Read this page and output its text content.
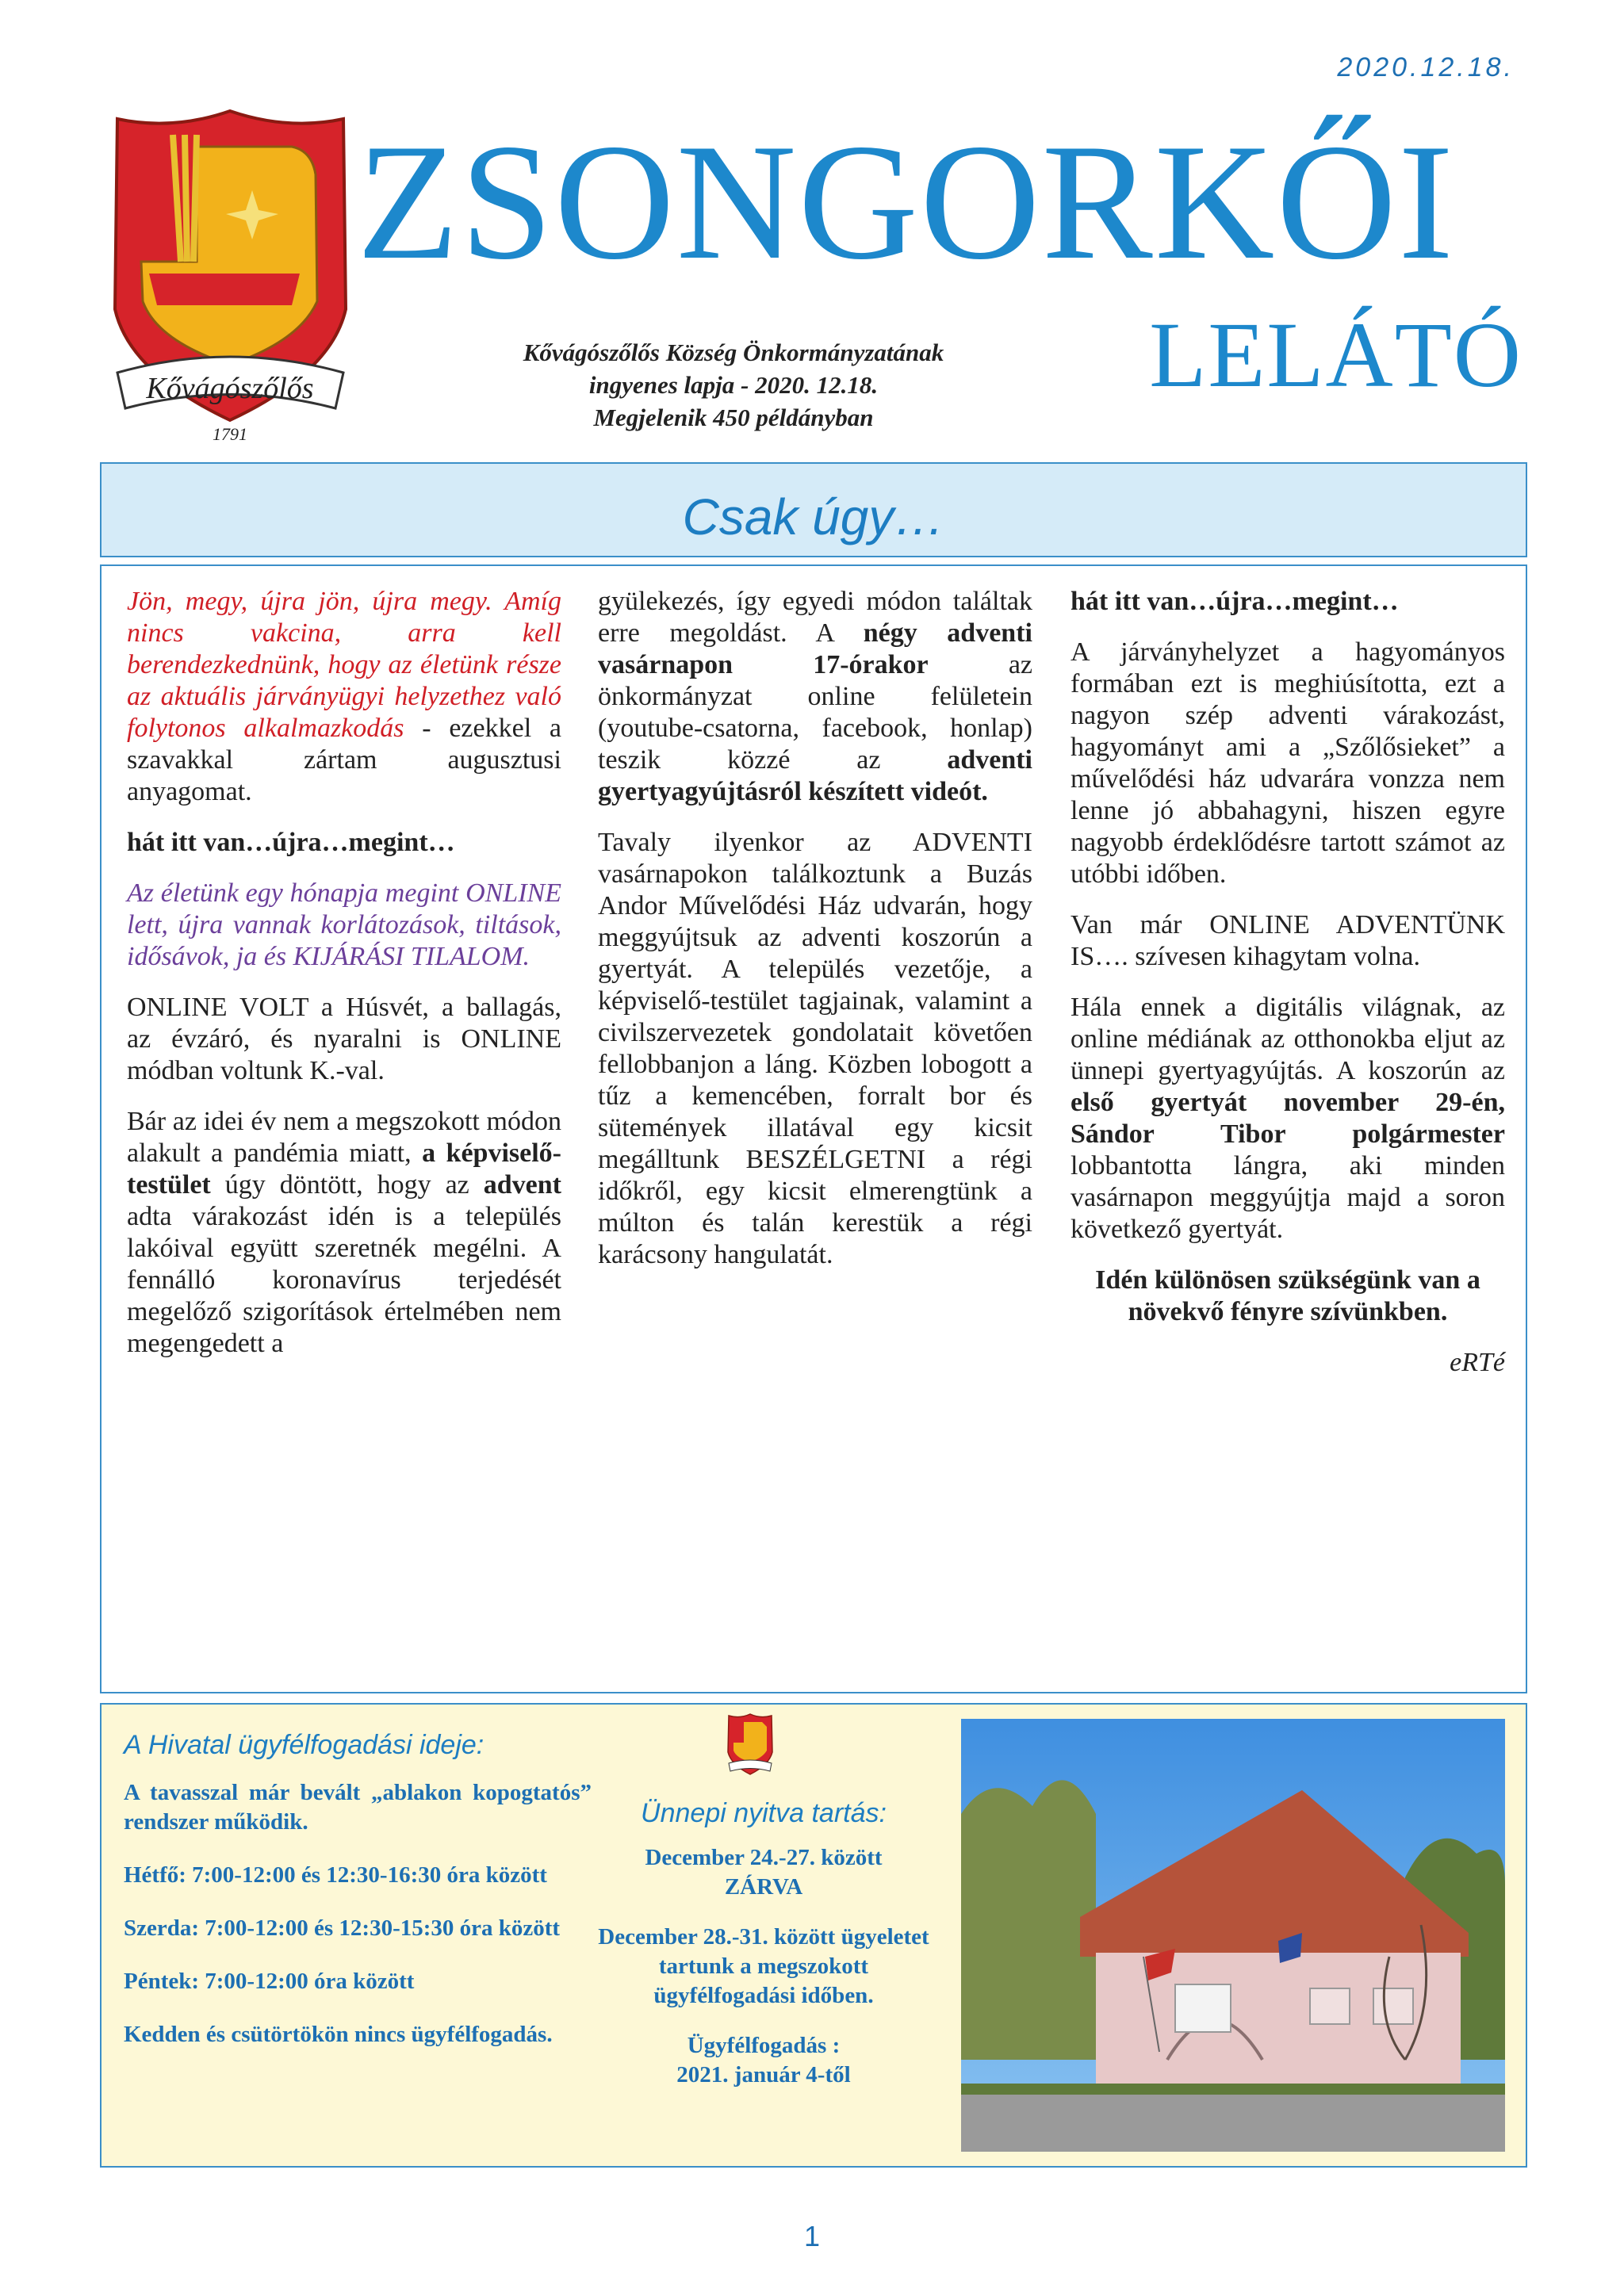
2020.12.18.
Kővágószőlős
1791
ZSONGORKŐI
LELÁTÓ
Kővágószőlős Község Önkormányzatának
ingyenes lapja - 2020. 12.18.
Megjelenik 450 példányban
Csak úgy…

Jön, megy, újra jön, újra megy. Amíg nincs vakcina, arra kell berendezkednünk, hogy az életünk része az aktuális járványügyi helyzethez való folytonos alkalmazkodás - ezekkel a szavakkal zártam augusztusi anyagomat.

hát itt van…újra…megint…

Az életünk egy hónapja megint ONLINE lett, újra vannak korlátozások, tiltások, idősávok, ja és KIJÁRÁSI TILALOM.

ONLINE VOLT a Húsvét, a ballagás, az évzáró, és nyaralni is ONLINE módban voltunk K.-val.

Bár az idei év nem a megszokott módon alakult a pandémia miatt, a képviselő-testület úgy döntött, hogy az advent adta várakozást idén is a település lakóival együtt szeretnék megélni. A fennálló koronavírus terjedését megelőző szigorítások értelmében nem megengedett a

gyülekezés, így egyedi módon találtak erre megoldást. A négy adventi vasárnapon 17-órakor az önkormányzat online felületein (youtube-csatorna, facebook, honlap) teszik közzé az adventi gyertyagyújtásról készített videót.

Tavaly ilyenkor az ADVENTI vasárnapokon találkoztunk a Buzás Andor Művelődési Ház udvarán, hogy meggyújtsuk az adventi koszorún a gyertyát. A település vezetője, a képviselő-testület tagjainak, valamint a civilszervezetek gondolatait követően fellobbanjon a láng. Közben lobogott a tűz a kemencében, forralt bor és sütemények illatával egy kicsit megálltunk BESZÉLGETNI a régi időkről, egy kicsit elmerengtünk a múlton és talán kerestük a régi karácsony hangulatát.

hát itt van…újra…megint…

A járványhelyzet a hagyományos formában ezt is meghiúsította, ezt a nagyon szép adventi várakozást, hagyományt ami a „Szőlősieket” a művelődési ház udvarára vonzza nem lenne jó abbahagyni, hiszen egyre nagyobb érdeklődésre tartott számot az utóbbi időben.

Van már ONLINE ADVENTÜNK IS…. szívesen kihagytam volna.

Hála ennek a digitális világnak, az online médiának az otthonokba eljut az ünnepi gyertyagyújtás. A koszorún az első gyertyát november 29-én, Sándor Tibor polgármester lobbantotta lángra, aki minden vasárnapon meggyújtja majd a soron következő gyertyát.

Idén különösen szükségünk van a növekvő fényre szívünkben.

eRTé

A Hivatal ügyfélfogadási ideje:

A tavasszal már bevált „ablakon kopogtatós” rendszer működik.

Hétfő: 7:00-12:00 és 12:30-16:30 óra között

Szerda: 7:00-12:00 és 12:30-15:30 óra között

Péntek: 7:00-12:00 óra között

Kedden és csütörtökön nincs ügyfélfogadás.

Ünnepi nyitva tartás:

December 24.-27. között
ZÁRVA

December 28.-31. között ügyeletet tartunk a megszokott ügyfélfogadási időben.

Ügyfélfogadás :
2021. január 4-től

1
